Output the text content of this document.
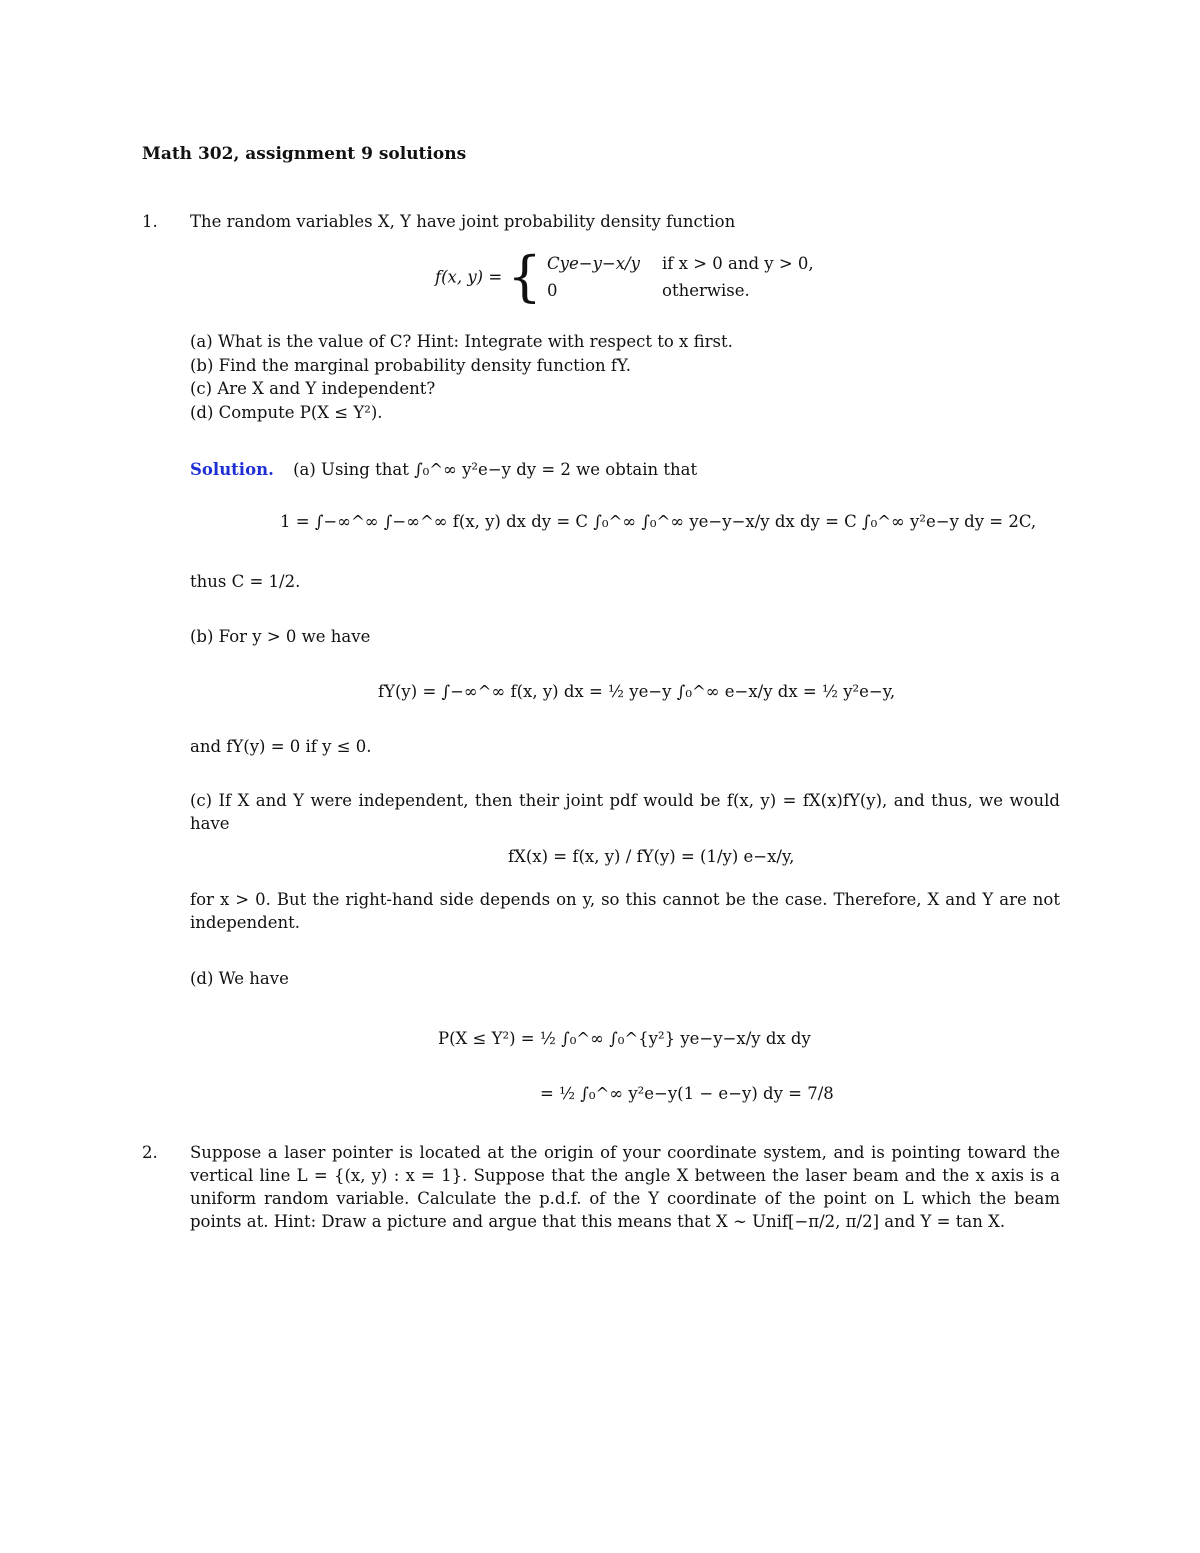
Math 302, assignment 9 solutions
1. The random variables X, Y have joint probability density function
f(x, y) = { Cye−y−x/y if x > 0 and y > 0,
0	otherwise.
(a) What is the value of C? Hint: Integrate with respect to x first.
(b) Find the marginal probability density function fY.
(c) Are X and Y independent?
(d) Compute P(X ≤ Y²).
Solution. (a) Using that ∫₀^∞ y²e−y dy = 2 we obtain that
1 = ∫−∞^∞ ∫−∞^∞ f(x, y) dx dy = C ∫₀^∞ ∫₀^∞ ye−y−x/y dx dy = C ∫₀^∞ y²e−y dy = 2C,
thus C = 1/2.
(b) For y > 0 we have
fY(y) = ∫−∞^∞ f(x, y) dx = ½ ye−y ∫₀^∞ e−x/y dx = ½ y²e−y,
and fY(y) = 0 if y ≤ 0.
(c) If X and Y were independent, then their joint pdf would be f(x, y) = fX(x)fY(y), and thus, we would have
fX(x) = f(x, y) / fY(y) = (1/y) e−x/y,
for x > 0. But the right-hand side depends on y, so this cannot be the case. Therefore, X and Y are not independent.
(d) We have
P(X ≤ Y²) = ½ ∫₀^∞ ∫₀^{y²} ye−y−x/y dx dy
= ½ ∫₀^∞ y²e−y(1 − e−y) dy = 7/8
2. Suppose a laser pointer is located at the origin of your coordinate system, and is pointing toward the vertical line L = {(x, y) : x = 1}. Suppose that the angle X between the laser beam and the x axis is a uniform random variable. Calculate the p.d.f. of the Y coordinate of the point on L which the beam points at. Hint: Draw a picture and argue that this means that X ∼ Unif[−π/2, π/2] and Y = tan X.
